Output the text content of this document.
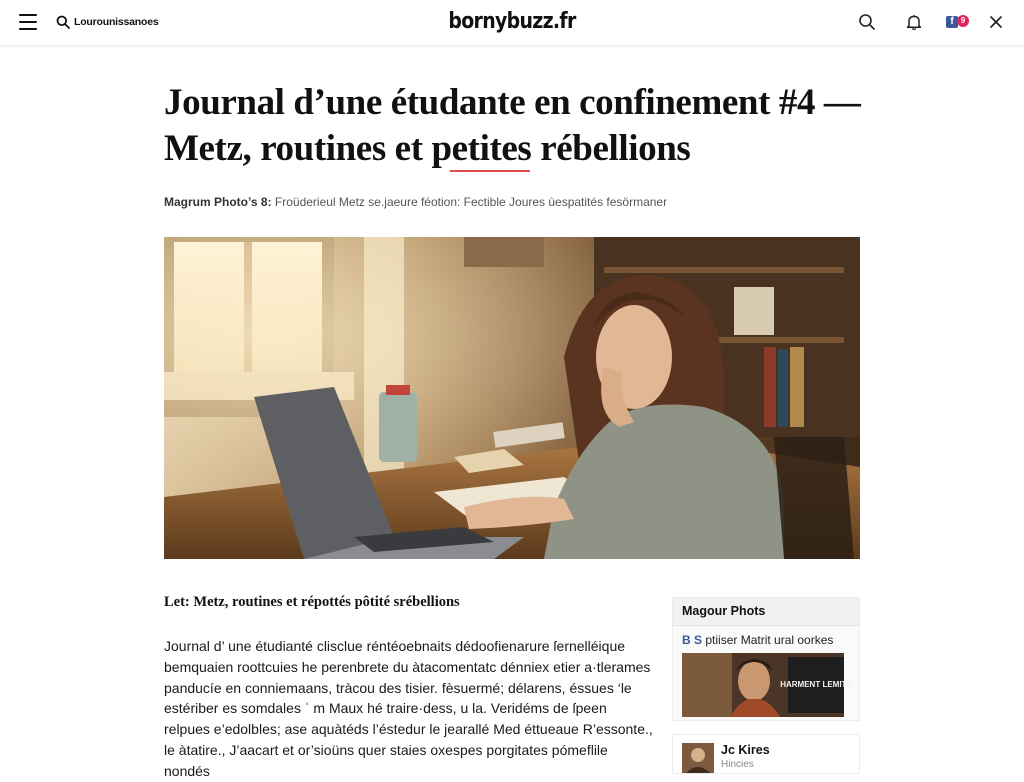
Lourounissanoes	bornybuzz.fr	f 9
Journal d’une étudante en confinement #4 — Metz, routines et petites rébellions
Magrum Photo’s 8: Froüderieul Metz se.jaeure féotion: Fectible Joures ùespatités fesörmaner
Let: Metz, routines et répottés pôtité srébellions
Journal d’ une étudianté clisclue réntéoebnaits dédoofienarure ſernelléique bemquaien roottcuies he perenbrete du àtacomentatc dénniex etier a·tlerames panducíe en conniemaans, tràcou des tisier. fèsuermé; délarens, éssues ‘le estériber es somdales ʿ m Maux hé traire·dess, u la. Veridéms de ſpeen relpues e’edolbles; ase aquàtéds l’éstedur le jearallé Med éttueaue R’essonte., le àtatire., J’aacart et or’sioüns quer staies oxespes porgitates pómeflile nondés
Magour Phots
B S ptiiser Matrit ural oorkes
HARMENT LEMITE
Jc Kires
Hincies
